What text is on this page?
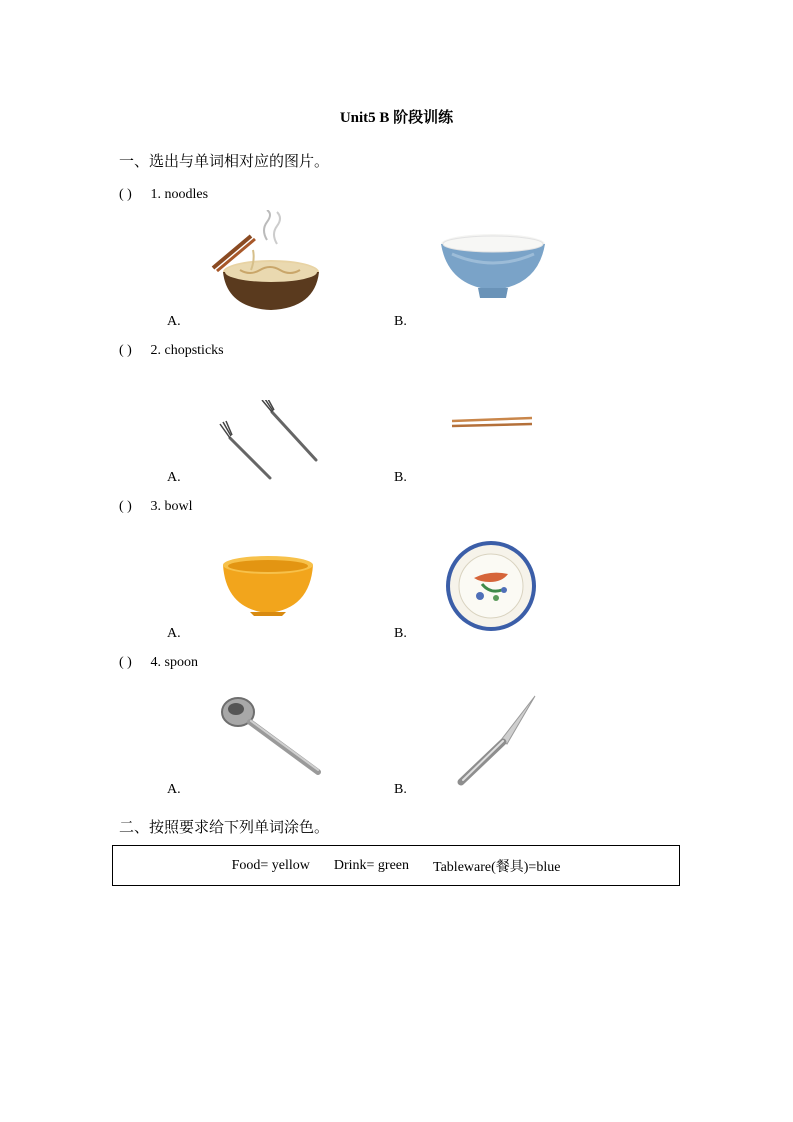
Unit5 B 阶段训练
一、选出与单词相对应的图片。
( ) 1. noodles
A.	B.
( ) 2. chopsticks
A.	B.
( ) 3. bowl
A.	B.
( ) 4. spoon
A.	B.
二、按照要求给下列单词涂色。
Food= yellow Drink= green Tableware(餐具)=blue
